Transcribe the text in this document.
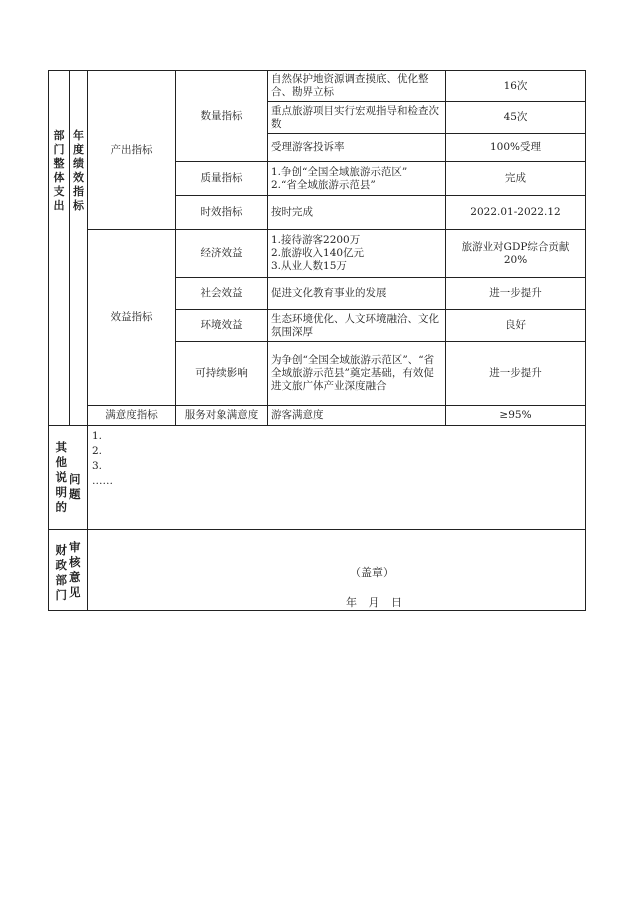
部
门
整
体
支
出
年
度
绩
效
指
标
产出指标
效益指标
满意度指标
数量指标
质量指标
时效指标
经济效益
社会效益
环境效益
可持续影响
服务对象满意度
自然保护地资源调查摸底、优化整合、勘界立标
重点旅游项目实行宏观指导和检查次数
受理游客投诉率
1.争创“全国全域旅游示范区”
2.“省全域旅游示范县”
按时完成
1.接待游客2200万
2.旅游收入140亿元
3.从业人数15万
促进文化教育事业的发展
生态环境优化、人文环境融洽、文化氛围深厚
为争创“全国全域旅游示范区”、“省全域旅游示范县”奠定基础，有效促进文旅广体产业深度融合
游客满意度
16次
45次
100%受理
完成
2022.01-2022.12
旅游业对GDP综合贡献20%
进一步提升
良好
进一步提升
≥95%
其
他
说
明
的
问
题
1.
2.
3.
……
财
政
部
门
审
核
意
见
（盖章）
年 月 日
